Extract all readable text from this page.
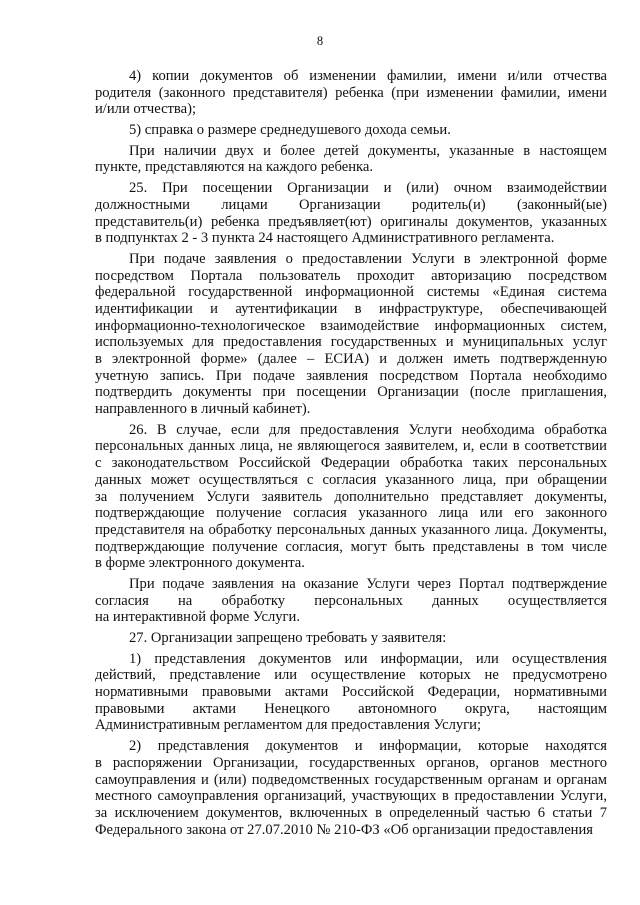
8
4) копии документов об изменении фамилии, имени и/или отчества
родителя (законного представителя) ребенка (при изменении фамилии, имени
и/или отчества);
5) справка о размере среднедушевого дохода семьи.
При наличии двух и более детей документы, указанные в настоящем
пункте, представляются на каждого ребенка.
25. При посещении Организации и (или) очном взаимодействии
должностными лицами Организации родитель(и) (законный(ые)
представитель(и) ребенка предъявляет(ют) оригиналы документов, указанных
в подпунктах 2 - 3 пункта 24 настоящего Административного регламента.
При подаче заявления о предоставлении Услуги в электронной форме
посредством Портала пользователь проходит авторизацию посредством
федеральной государственной информационной системы «Единая система
идентификации и аутентификации в инфраструктуре, обеспечивающей
информационно-технологическое взаимодействие информационных систем,
используемых для предоставления государственных и муниципальных услуг
в электронной форме» (далее – ЕСИА) и должен иметь подтвержденную
учетную запись. При подаче заявления посредством Портала необходимо
подтвердить документы при посещении Организации (после приглашения,
направленного в личный кабинет).
26. В случае, если для предоставления Услуги необходима обработка
персональных данных лица, не являющегося заявителем, и, если в соответствии
с законодательством Российской Федерации обработка таких персональных
данных может осуществляться с согласия указанного лица, при обращении
за получением Услуги заявитель дополнительно представляет документы,
подтверждающие получение согласия указанного лица или его законного
представителя на обработку персональных данных указанного лица. Документы,
подтверждающие получение согласия, могут быть представлены в том числе
в форме электронного документа.
При подаче заявления на оказание Услуги через Портал подтверждение
согласия на обработку персональных данных осуществляется
на интерактивной форме Услуги.
27. Организации запрещено требовать у заявителя:
1) представления документов или информации, или осуществления
действий, представление или осуществление которых не предусмотрено
нормативными правовыми актами Российской Федерации, нормативными
правовыми актами Ненецкого автономного округа, настоящим
Административным регламентом для предоставления Услуги;
2) представления документов и информации, которые находятся
в распоряжении Организации, государственных органов, органов местного
самоуправления и (или) подведомственных государственным органам и органам
местного самоуправления организаций, участвующих в предоставлении Услуги,
за исключением документов, включенных в определенный частью 6 статьи 7
Федерального закона от 27.07.2010 № 210-ФЗ «Об организации предоставления
